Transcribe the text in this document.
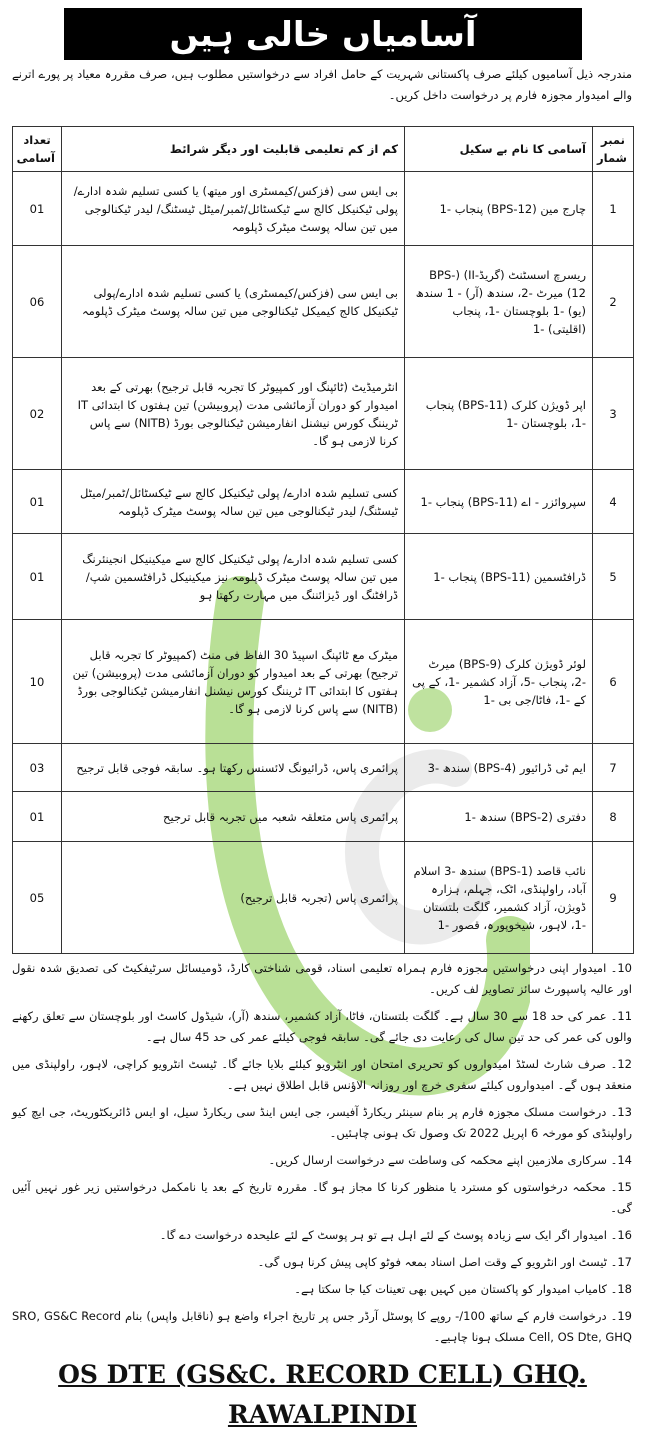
آسامیاں خالی ہیں
مندرجہ ذیل آسامیوں کیلئے صرف پاکستانی شہریت کے حامل افراد سے درخواستیں مطلوب ہیں، صرف مقررہ معیاد پر پورے اترنے والے امیدوار مجوزہ فارم پر درخواست داخل کریں۔
نمبر شمار	آسامی کا نام بے سکیل	کم از کم تعلیمی قابلیت اور دیگر شرائط	تعداد آسامی
1	چارج مین (BPS-12) پنجاب -1	بی ایس سی (فزکس/کیمسٹری اور میتھ) یا کسی تسلیم شدہ ادارے/ پولی ٹیکنیکل کالج سے ٹیکسٹائل/ٹمبر/میٹل ٹیسٹنگ/ لیدر ٹیکنالوجی میں تین سالہ پوسٹ میٹرک ڈپلومہ	01
2	ریسرچ اسسٹنٹ (گریڈ-II) (BPS-12) میرٹ -2، سندھ (آر) - 1 سندھ (یو) -1 بلوچستان -1، پنجاب (اقلیتی) -1	بی ایس سی (فزکس/کیمسٹری) یا کسی تسلیم شدہ ادارے/پولی ٹیکنیکل کالج کیمیکل ٹیکنالوجی میں تین سالہ پوسٹ میٹرک ڈپلومہ	06
3	اپر ڈویژن کلرک (BPS-11) پنجاب -1، بلوچستان -1	انٹرمیڈیٹ (ٹائپنگ اور کمپیوٹر کا تجربہ قابل ترجیح) بھرتی کے بعد امیدوار کو دوران آزمائشی مدت (پروبیشن) تین ہفتوں کا ابتدائی IT ٹریننگ کورس نیشنل انفارمیشن ٹیکنالوجی بورڈ (NITB) سے پاس کرنا لازمی ہو گا۔	02
4	سپروائزر - اے (BPS-11) پنجاب -1	کسی تسلیم شدہ ادارے/ پولی ٹیکنیکل کالج سے ٹیکسٹائل/ٹمبر/میٹل ٹیسٹنگ/ لیدر ٹیکنالوجی میں تین سالہ پوسٹ میٹرک ڈپلومہ	01
5	ڈرافٹسمین (BPS-11) پنجاب -1	کسی تسلیم شدہ ادارے/ پولی ٹیکنیکل کالج سے میکینیکل انجینئرنگ میں تین سالہ پوسٹ میٹرک ڈپلومہ نیز میکینیکل ڈرافٹسمین شپ/ ڈرافٹنگ اور ڈیزائننگ میں مہارت رکھتا ہو	01
6	لوئر ڈویژن کلرک (BPS-9) میرٹ -2، پنجاب -5، آزاد کشمیر -1، کے پی کے -1، فاٹا/جی بی -1	میٹرک مع ٹائپنگ اسپیڈ 30 الفاظ فی منٹ (کمپیوٹر کا تجربہ قابل ترجیح) بھرتی کے بعد امیدوار کو دوران آزمائشی مدت (پروبیشن) تین ہفتوں کا ابتدائی IT ٹریننگ کورس نیشنل انفارمیشن ٹیکنالوجی بورڈ (NITB) سے پاس کرنا لازمی ہو گا۔	10
7	ایم ٹی ڈرائیور (BPS-4) سندھ -3	پرائمری پاس، ڈرائیونگ لائسنس رکھتا ہو۔ سابقہ فوجی قابل ترجیح	03
8	دفتری (BPS-2) سندھ -1	پرائمری پاس متعلقہ شعبہ میں تجربہ قابل ترجیح	01
9	نائب قاصد (BPS-1) سندھ -3 اسلام آباد، راولپنڈی، اٹک، جہلم، ہزارہ ڈویژن، آزاد کشمیر، گلگت بلتستان -1، لاہور، شیخوپورہ، قصور -1	پرائمری پاس (تجربہ قابل ترجیح)	05

10۔ امیدوار اپنی درخواستیں مجوزہ فارم ہمراہ تعلیمی اسناد، قومی شناختی کارڈ، ڈومیسائل سرٹیفکیٹ کی تصدیق شدہ نقول اور عالیہ پاسپورٹ سائز تصاویر لف کریں۔

11۔ عمر کی حد 18 سے 30 سال ہے۔ گلگت بلتستان، فاٹا، آزاد کشمیر، سندھ (آر)، شیڈول کاسٹ اور بلوچستان سے تعلق رکھنے والوں کی عمر کی حد تین سال کی رعایت دی جائے گی۔ سابقہ فوجی کیلئے عمر کی حد 45 سال ہے۔

12۔ صرف شارٹ لسٹڈ امیدواروں کو تحریری امتحان اور انٹرویو کیلئے بلایا جائے گا۔ ٹیسٹ انٹرویو کراچی، لاہور، راولپنڈی میں منعقد ہوں گے۔ امیدواروں کیلئے سفری خرچ اور روزانہ الاؤنس قابل اطلاق نہیں ہے۔

13۔ درخواست مسلک مجوزہ فارم پر بنام سینئر ریکارڈ آفیسر، جی ایس اینڈ سی ریکارڈ سیل، او ایس ڈائریکٹوریٹ، جی ایچ کیو راولپنڈی کو مورخہ 6 اپریل 2022 تک وصول تک ہونی چاہئیں۔

14۔ سرکاری ملازمین اپنے محکمہ کی وساطت سے درخواست ارسال کریں۔

15۔ محکمہ درخواستوں کو مسترد یا منظور کرنا کا مجاز ہو گا۔ مقررہ تاریخ کے بعد یا نامکمل درخواستیں زیر غور نہیں آئیں گی۔

16۔ امیدوار اگر ایک سے زیادہ پوسٹ کے لئے اہل ہے تو ہر پوسٹ کے لئے علیحدہ درخواست دے گا۔

17۔ ٹیسٹ اور انٹرویو کے وقت اصل اسناد بمعہ فوٹو کاپی پیش کرنا ہوں گی۔

18۔ کامیاب امیدوار کو پاکستان میں کہیں بھی تعینات کیا جا سکتا ہے۔

19۔ درخواست فارم کے ساتھ 100/- روپے کا پوسٹل آرڈر جس پر تاریخ اجراء واضع ہو (ناقابل واپس) بنام SRO, GS&C Record Cell, OS Dte, GHQ مسلک ہونا چاہیے۔

OS DTE (GS&C. RECORD CELL) GHQ.
RAWALPINDI
